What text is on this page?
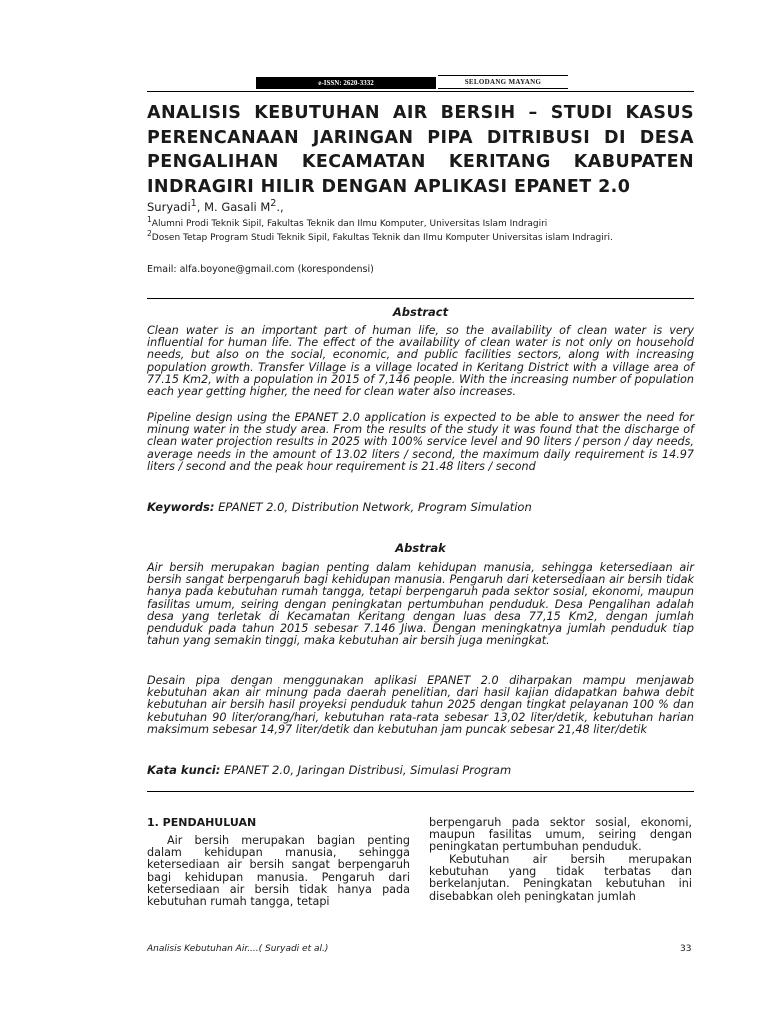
e-ISSN: 2620-3332	SELODANG MAYANG
ANALISIS KEBUTUHAN AIR BERSIH – STUDI KASUS PERENCANAAN JARINGAN PIPA DITRIBUSI DI DESA PENGALIHAN KECAMATAN KERITANG KABUPATEN INDRAGIRI HILIR DENGAN APLIKASI EPANET 2.0
Suryadi$^1$, M. Gasali $M^2$.,
$^1$Alumni Prodi Teknik Sipil, Fakultas Teknik dan Ilmu Komputer, Universitas Islam Indragiri
$^2$Dosen Tetap Program Studi Teknik Sipil, Fakultas Teknik dan Ilmu Komputer Universitas islam Indragiri.
Email: alfa.boyone@gmail.com (korespondensi)
Abstract

Clean water is an important part of human life, so the availability of clean water is very influential for human life. The effect of the availability of clean water is not only on household needs, but also on the social, economic, and public facilities sectors, along with increasing population growth. Transfer Village is a village located in Keritang District with a village area of 77.15 Km2, with a population in 2015 of 7,146 people. With the increasing number of population each year getting higher, the need for clean water also increases.

Pipeline design using the EPANET 2.0 application is expected to be able to answer the need for minung water in the study area. From the results of the study it was found that the discharge of clean water projection results in 2025 with 100% service level and 90 liters / person / day needs, average needs in the amount of 13.02 liters / second, the maximum daily requirement is 14.97 liters / second and the peak hour requirement is 21.48 liters / second

Keywords: EPANET 2.0, Distribution Network, Program Simulation
Abstrak

Air bersih merupakan bagian penting dalam kehidupan manusia, sehingga ketersediaan air bersih sangat berpengaruh bagi kehidupan manusia. Pengaruh dari ketersediaan air bersih tidak hanya pada kebutuhan rumah tangga, tetapi berpengaruh pada sektor sosial, ekonomi, maupun fasilitas umum, seiring dengan peningkatan pertumbuhan penduduk. Desa Pengalihan adalah desa yang terletak di Kecamatan Keritang dengan luas desa 77,15 Km2, dengan jumlah penduduk pada tahun 2015 sebesar 7.146 Jiwa. Dengan meningkatnya jumlah penduduk tiap tahun yang semakin tinggi, maka kebutuhan air bersih juga meningkat.

Desain pipa dengan menggunakan aplikasi EPANET 2.0 diharpakan mampu menjawab kebutuhan akan air minung pada daerah penelitian, dari hasil kajian didapatkan bahwa debit kebutuhan air bersih hasil proyeksi penduduk tahun 2025 dengan tingkat pelayanan 100 % dan kebutuhan 90 liter/orang/hari, kebutuhan rata-rata sebesar 13,02 liter/detik, kebutuhan harian maksimum sebesar 14,97 liter/detik dan kebutuhan jam puncak sebesar 21,48 liter/detik

Kata kunci: EPANET 2.0, Jaringan Distribusi, Simulasi Program
1. PENDAHULUAN

Air bersih merupakan bagian penting dalam kehidupan manusia, sehingga ketersediaan air bersih sangat berpengaruh bagi kehidupan manusia. Pengaruh dari ketersediaan air bersih tidak hanya pada kebutuhan rumah tangga, tetapi

berpengaruh pada sektor sosial, ekonomi, maupun fasilitas umum, seiring dengan peningkatan pertumbuhan penduduk.

Kebutuhan air bersih merupakan kebutuhan yang tidak terbatas dan berkelanjutan. Peningkatan kebutuhan ini disebabkan oleh peningkatan jumlah

Analisis Kebutuhan Air....( Suryadi et al.)	33
